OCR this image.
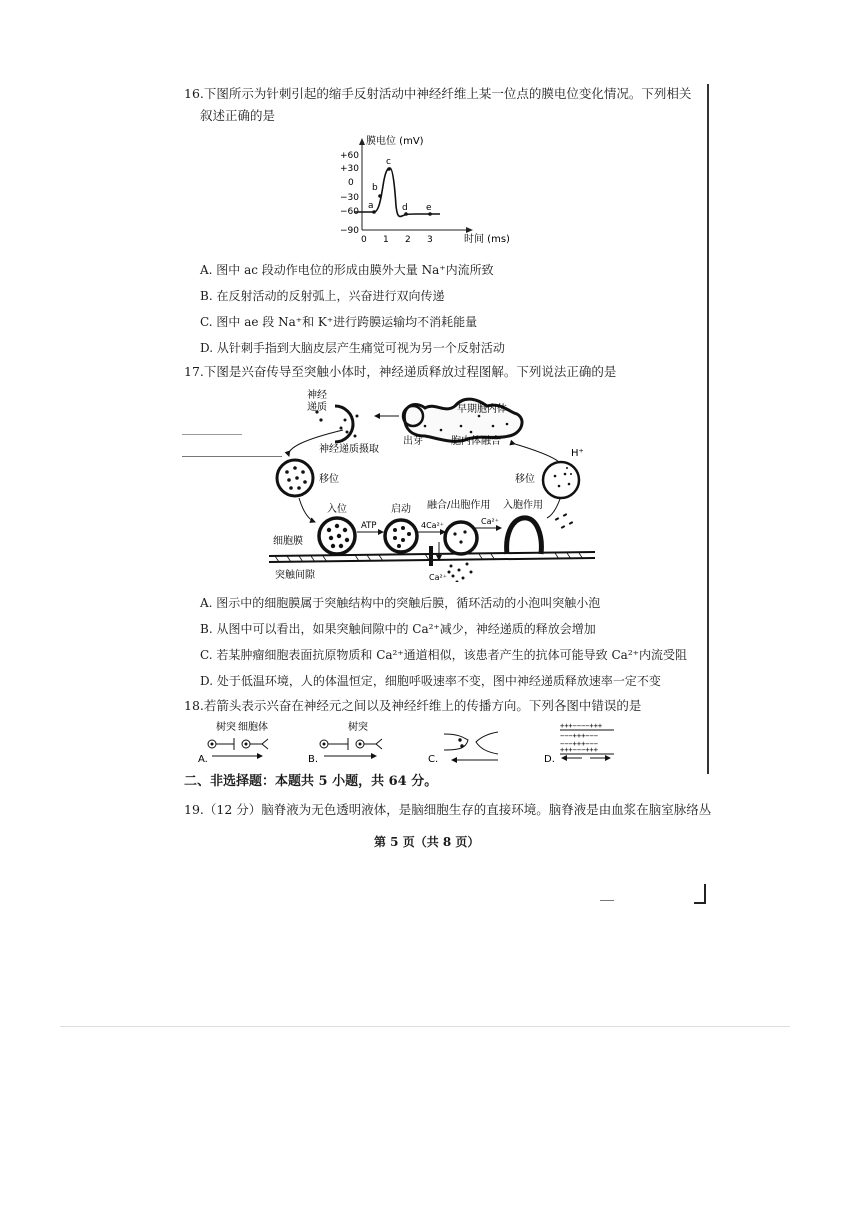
16.下图所示为针刺引起的缩手反射活动中神经纤维上某一位点的膜电位变化情况。下列相关
叙述正确的是
膜电位 (mV)
时间 (ms)
+60
+30
0
−30
−60
−90
0 1 2 3
a
b
c
d e
A. 图中 ac 段动作电位的形成由膜外大量 Na⁺内流所致
B. 在反射活动的反射弧上，兴奋进行双向传递
C. 图中 ae 段 Na⁺和 K⁺进行跨膜运输均不消耗能量
D. 从针刺手指到大脑皮层产生痛觉可视为另一个反射活动
17.下图是兴奋传导至突触小体时，神经递质释放过程图解。下列说法正确的是
神经
递质	早期胞内体
出芽	胞内体融合
神经递质摄取
移位	移位
H⁺
入位
ATP
启动
4Ca²⁺	Ca²⁺
Ca²⁺
融合/出胞作用 入胞作用
细胞膜
突触间隙
A. 图示中的细胞膜属于突触结构中的突触后膜，循环活动的小泡叫突触小泡
B. 从图中可以看出，如果突触间隙中的 Ca²⁺减少，神经递质的释放会增加
C. 若某肿瘤细胞表面抗原物质和 Ca²⁺通道相似，该患者产生的抗体可能导致 Ca²⁺内流受阻
D. 处于低温环境，人的体温恒定，细胞呼吸速率不变，图中神经递质释放速率一定不变
18.若箭头表示兴奋在神经元之间以及神经纤维上的传播方向。下列各图中错误的是
A.	B.	C.	D.
树突 细胞体	树突	+++−−−−+++
−−−+++−−−
−−−+++−−−
+++−−−+++
二、非选择题：本题共 5 小题，共 64 分。
19.（12 分）脑脊液为无色透明液体，是脑细胞生存的直接环境。脑脊液是由血浆在脑室脉络丛
第 5 页（共 8 页）
